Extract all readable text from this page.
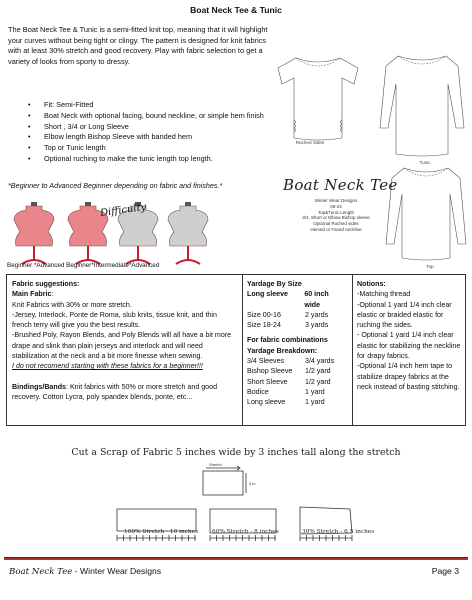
Boat Neck Tee & Tunic

The Boat Neck Tee & Tunic is a semi-fitted knit top, meaning that it will highlight your curves without being tight or clingy. The pattern is designed for knit fabrics with at least 30% stretch and good recovery. Play with fabric selection to get a variety of looks from sporty to dressy.

• Fit: Semi-Fitted
• Boat Neck with optional facing, bound neckline, or simple hem finish
• Short , 3/4 or Long Sleeve
• Elbow length Bishop Sleeve with banded hem
• Top or Tunic length
• Optional ruching to make the tunic length top length.
*Beginner to Advanced Beginner depending on fabric and finishes.*
Difficulty
Beginner *Advanced Beginner*Intermediate*Advanced
Ruched Sides
Tunic
Top
Boat Neck Tee
Winter Wear Designs
00-24
Top&Tunic Length
3/4, Short or Elbow Bishop sleeve
Optional Ruched sides
Hemed or Faced neckline
Fabric suggestions:
Main Fabric:
Knit Fabrics with 30% or more stretch.
-Jersey, Interlock, Ponte de Roma, slub knits, tissue knit, and thin french terry will give you the best results.
-Brushed Poly, Rayon Blends, and Poly Blends will all have a bit more drape and slink than plain jerseys and interlock and will need stabilization at the neck and a bit more finesse when sewing.
I do not recomend starting with these fabrics for a beginner!!!
Bindings/Bands: Knit fabrics with 50% or more stretch and good recovery. Cotton Lycra, poly spandex blends, ponte, etc...
Yardage By Size
Long sleeve	60 inch wide
Size 00-16	2 yards
Size 18-24	3 yards
For fabric combinations
Yardage Breakdown:
3/4 Sleeves	3/4 yards
Bishop Sleeve	1/2 yard
Short Sleeve	1/2 yard
Bodice	1 yard
Long sleeve	1 yard
Notions:
-Matching thread
-Optional 1 yard 1/4 inch clear elastic or braided elastic for ruching the sides.
- Optional 1 yard 1/4 inch clear elastic for stabilizing the neckline for drapy fabrics.
-Optional 1/4 inch hem tape to stabilize drapey fabrics at the neck instead of basting stitching.
Cut a Scrap of Fabric 5 inches wide by 3 inches tall along the stretch
Stretch
3 in
100% Stretch - 10 inches 60% Stretch - 8 inches	30% Stretch - 6.5 inches
Boat Neck Tee - Winter Wear Designs	Page 3
